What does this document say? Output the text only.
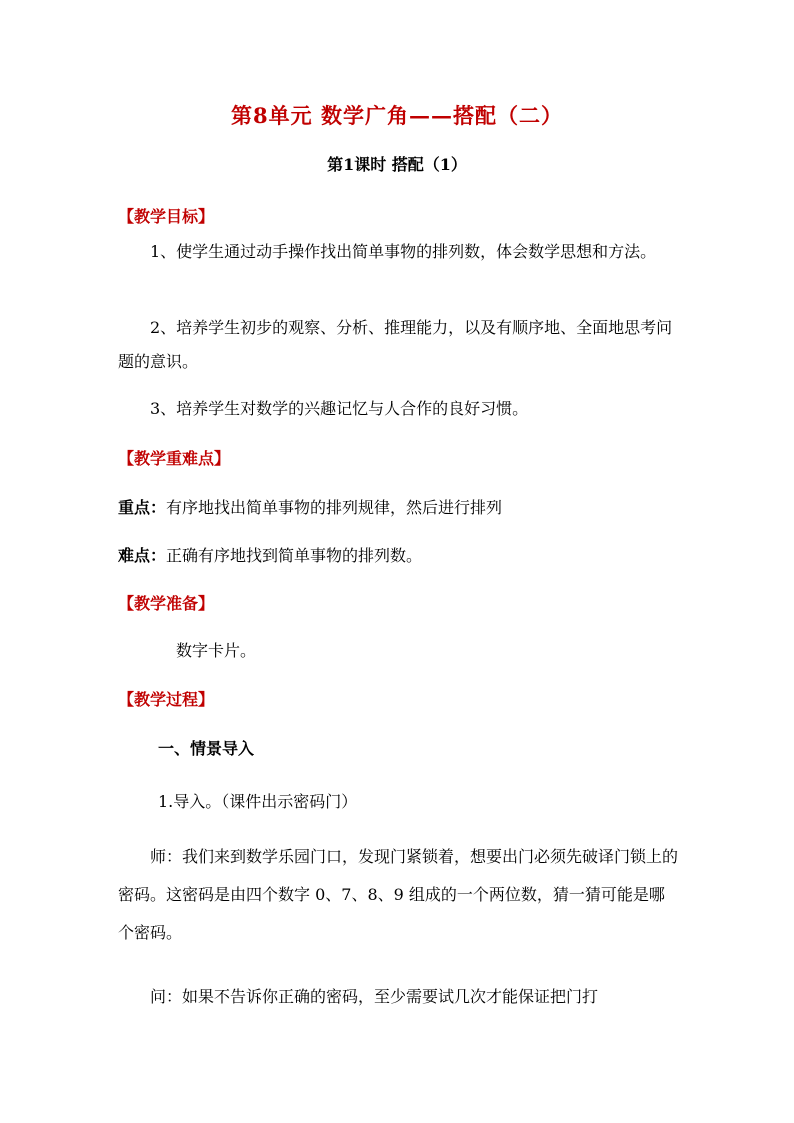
第8单元 数学广角——搭配（二）
第1课时 搭配（1）
【教学目标】
1、使学生通过动手操作找出简单事物的排列数，体会数学思想和方法。
2、培养学生初步的观察、分析、推理能力，以及有顺序地、全面地思考问题的意识。
3、培养学生对数学的兴趣记忆与人合作的良好习惯。
【教学重难点】
重点：有序地找出简单事物的排列规律，然后进行排列
难点：正确有序地找到简单事物的排列数。
【教学准备】
数字卡片。
【教学过程】
一、情景导入
1.导入。（课件出示密码门）
师：我们来到数学乐园门口，发现门紧锁着，想要出门必须先破译门锁上的密码。这密码是由四个数字 0、7、8、9 组成的一个两位数，猜一猜可能是哪个密码。
问：如果不告诉你正确的密码，至少需要试几次才能保证把门打
